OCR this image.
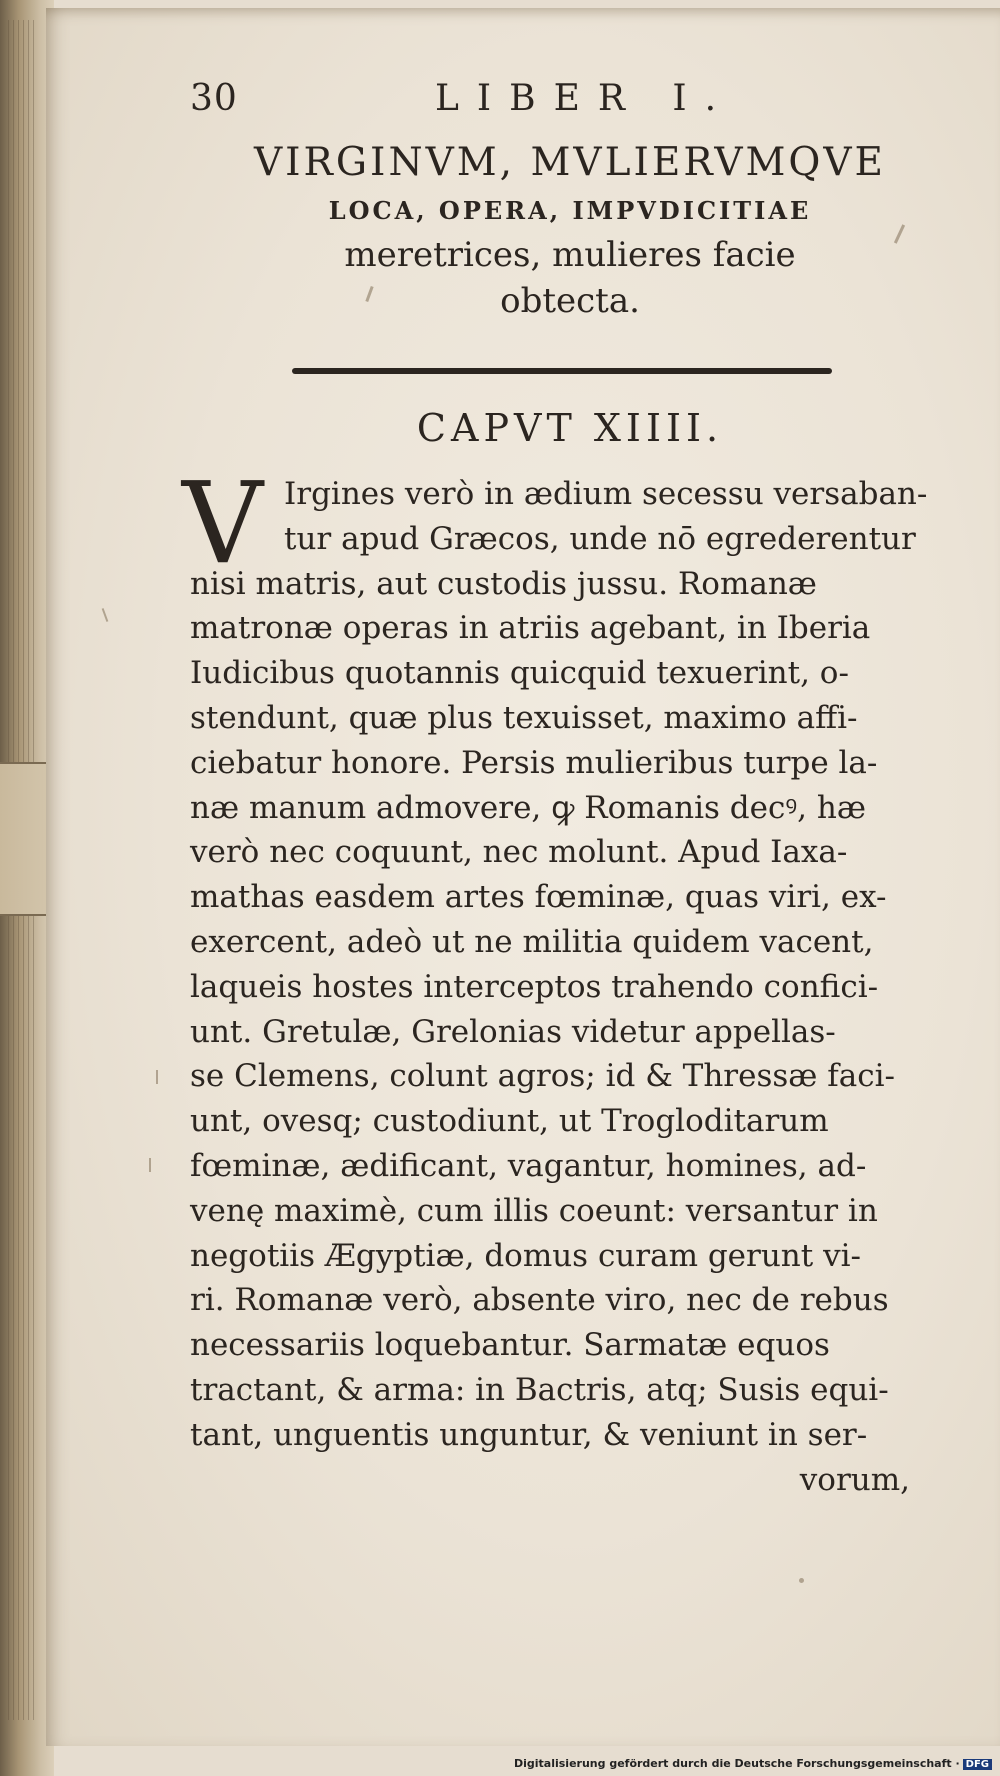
30	LIBER I.
VIRGINVM, MVLIERVMQVE
LOCA, OPERA, IMPVDICITIAE
meretrices, mulieres facie
obtecta.
CAPVT XIIII.
V Irgines verò in ædium secessu versaban-
tur apud Græcos, unde nō egrederentur
nisi matris, aut custodis jussu. Romanæ
matronæ operas in atriis agebant, in Iberia
Iudicibus quotannis quicquid texuerint, o-
stendunt, quæ plus texuisset, maximo affi-
ciebatur honore. Persis mulieribus turpe la-
næ manum admovere, ꝙ Romanis decꝰ, hæ
verò nec coquunt, nec molunt. Apud Iaxa-
mathas easdem artes fœminæ, quas viri, ex-
exercent, adeò ut ne militia quidem vacent,
laqueis hostes interceptos trahendo confici-
unt. Gretulæ, Grelonias videtur appellas-
se Clemens, colunt agros; id & Thressæ faci-
unt, ovesq; custodiunt, ut Trogloditarum
fœminæ, ædificant, vagantur, homines, ad-
venę maximè, cum illis coeunt: versantur in
negotiis Ægyptiæ, domus curam gerunt vi-
ri. Romanæ verò, absente viro, nec de rebus
necessariis loquebantur. Sarmatæ equos
tractant, & arma: in Bactris, atq; Susis equi-
tant, unguentis unguntur, & veniunt in ser-
vorum,
Digitalisierung gefördert durch die Deutsche Forschungsgemeinschaft · DFG
